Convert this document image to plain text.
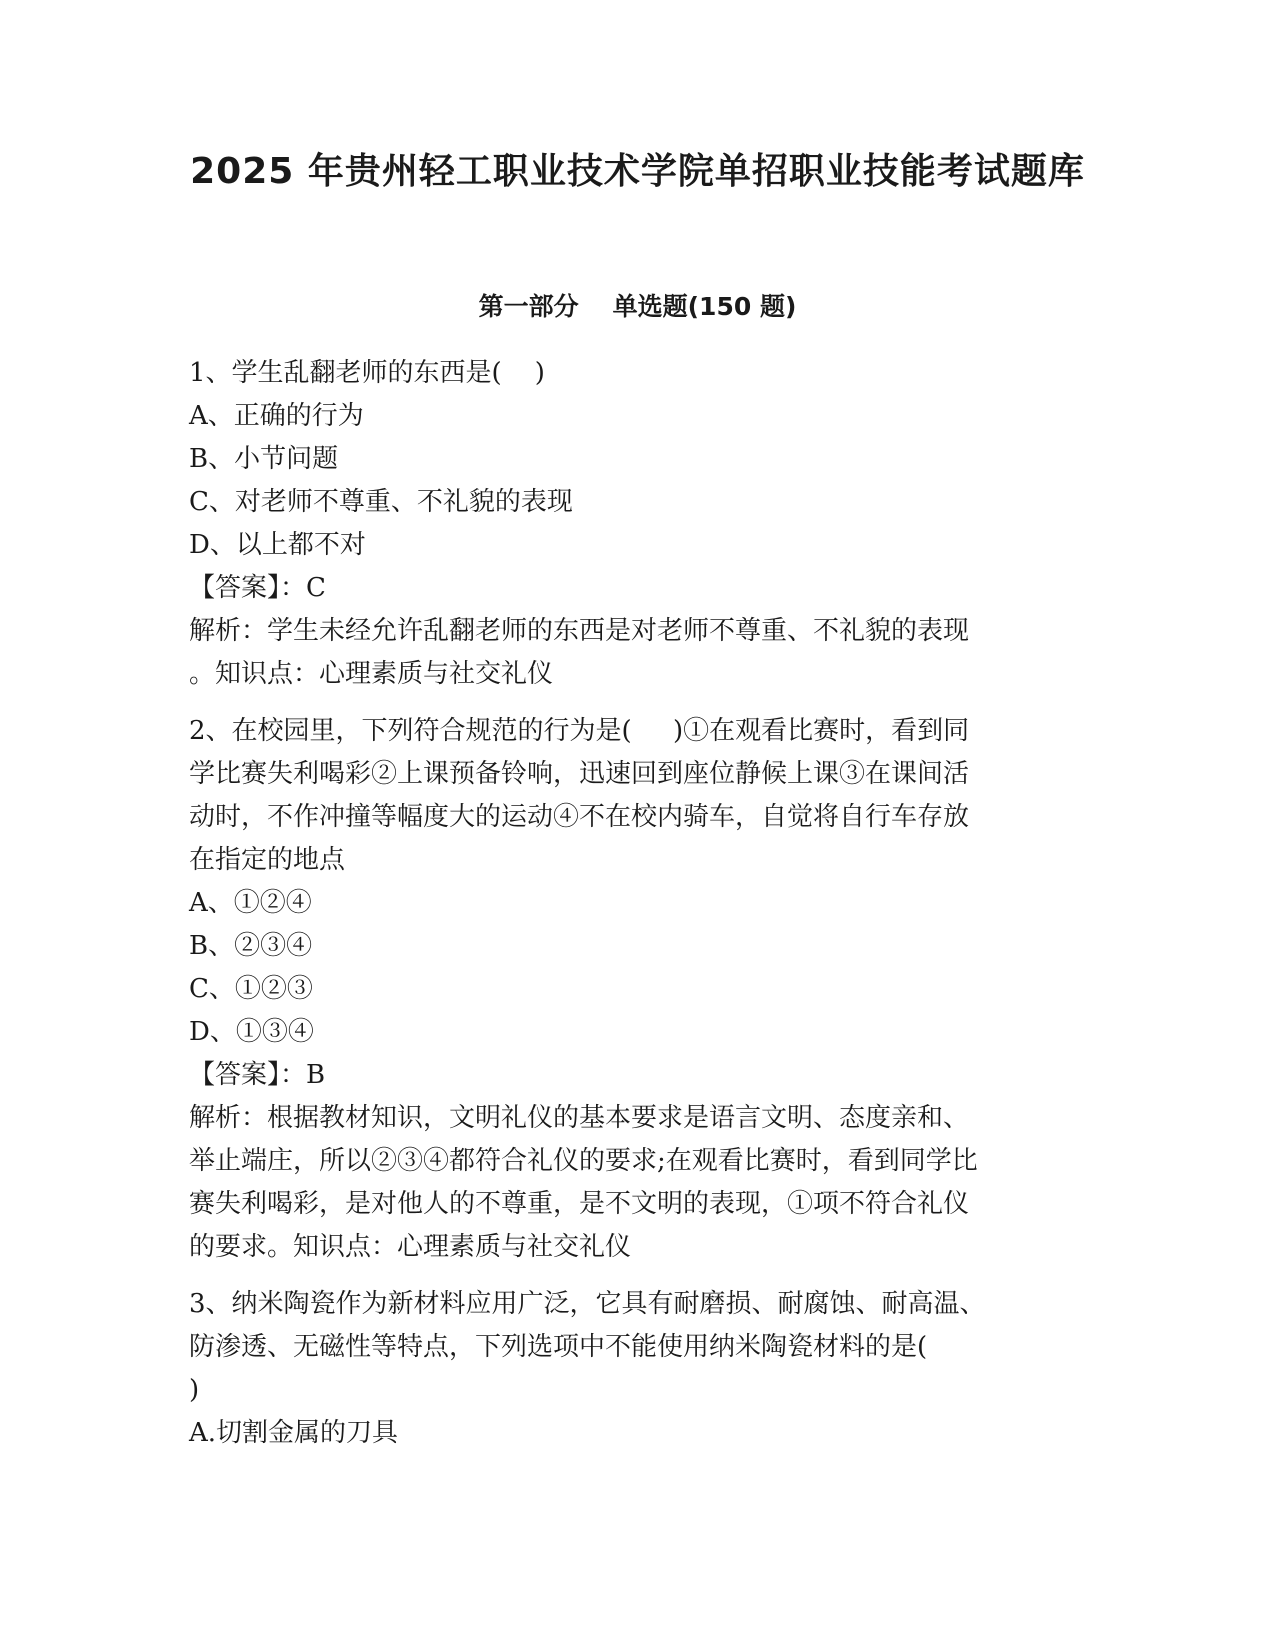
2025 年贵州轻工职业技术学院单招职业技能考试题库
第一部分 单选题(150 题)
1、学生乱翻老师的东西是(    )
A、正确的行为
B、小节问题
C、对老师不尊重、不礼貌的表现
D、以上都不对
【答案】：C
解析：学生未经允许乱翻老师的东西是对老师不尊重、不礼貌的表现
。知识点：心理素质与社交礼仪
2、在校园里，下列符合规范的行为是(     )①在观看比赛时，看到同
学比赛失利喝彩②上课预备铃响，迅速回到座位静候上课③在课间活
动时，不作冲撞等幅度大的运动④不在校内骑车，自觉将自行车存放
在指定的地点
A、①②④
B、②③④
C、①②③
D、①③④
【答案】：B
解析：根据教材知识，文明礼仪的基本要求是语言文明、态度亲和、
举止端庄，所以②③④都符合礼仪的要求;在观看比赛时，看到同学比
赛失利喝彩，是对他人的不尊重，是不文明的表现，①项不符合礼仪
的要求。知识点：心理素质与社交礼仪
3、纳米陶瓷作为新材料应用广泛，它具有耐磨损、耐腐蚀、耐高温、
防渗透、无磁性等特点，下列选项中不能使用纳米陶瓷材料的是(
)
A.切割金属的刀具
